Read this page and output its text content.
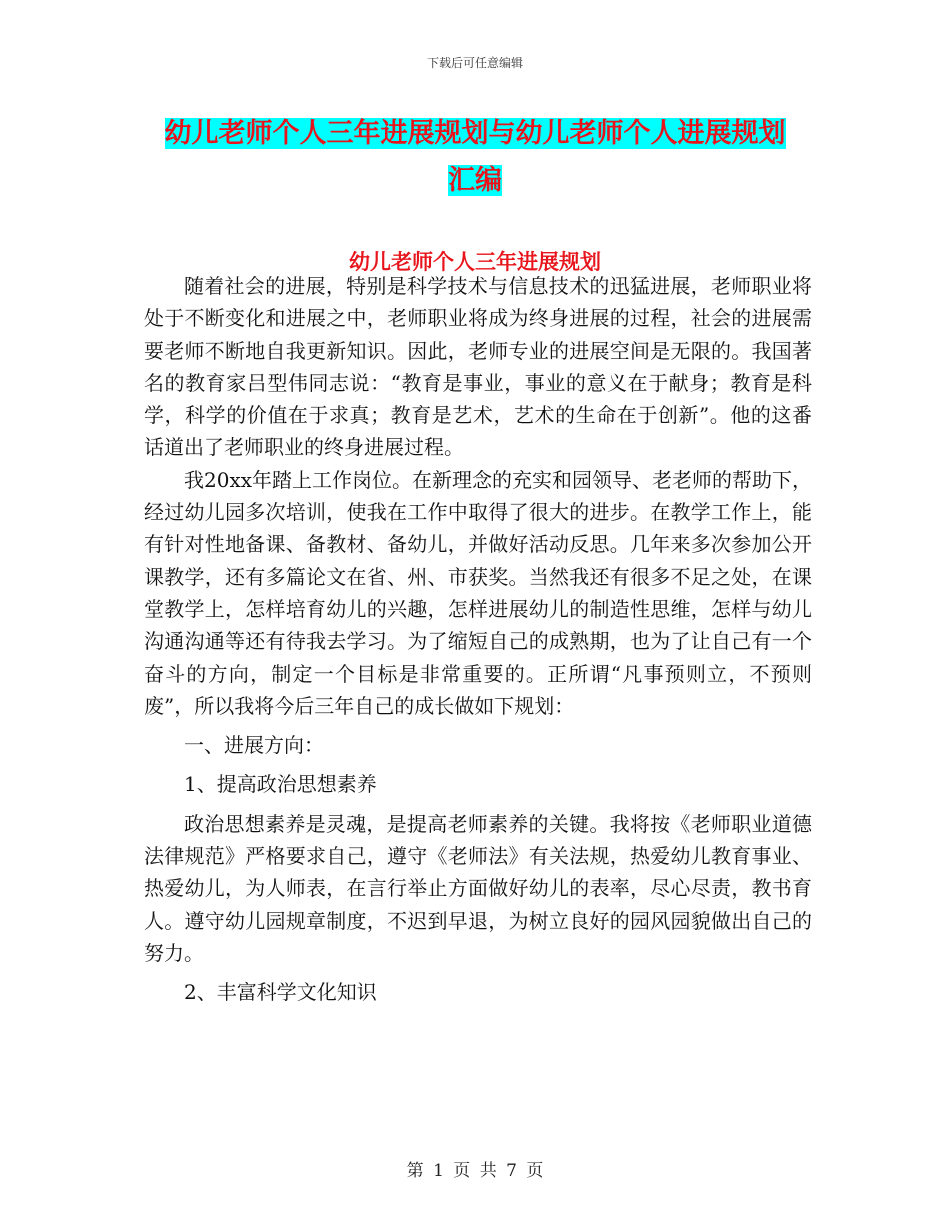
下载后可任意编辑
幼儿老师个人三年进展规划与幼儿老师个人进展规划
汇编
幼儿老师个人三年进展规划

随着社会的进展，特别是科学技术与信息技术的迅猛进展，老师职业将处于不断变化和进展之中，老师职业将成为终身进展的过程，社会的进展需要老师不断地自我更新知识。因此，老师专业的进展空间是无限的。我国著名的教育家吕型伟同志说：“教育是事业，事业的意义在于献身；教育是科学，科学的价值在于求真；教育是艺术，艺术的生命在于创新”。他的这番话道出了老师职业的终身进展过程。

我20xx年踏上工作岗位。在新理念的充实和园领导、老老师的帮助下，经过幼儿园多次培训，使我在工作中取得了很大的进步。在教学工作上，能有针对性地备课、备教材、备幼儿，并做好活动反思。几年来多次参加公开课教学，还有多篇论文在省、州、市获奖。当然我还有很多不足之处，在课堂教学上，怎样培育幼儿的兴趣，怎样进展幼儿的制造性思维，怎样与幼儿沟通沟通等还有待我去学习。为了缩短自己的成熟期，也为了让自己有一个奋斗的方向，制定一个目标是非常重要的。正所谓“凡事预则立，不预则废”，所以我将今后三年自己的成长做如下规划：

一、进展方向：

1、提高政治思想素养

政治思想素养是灵魂，是提高老师素养的关键。我将按《老师职业道德法律规范》严格要求自己，遵守《老师法》有关法规，热爱幼儿教育事业、热爱幼儿，为人师表，在言行举止方面做好幼儿的表率，尽心尽责，教书育人。遵守幼儿园规章制度，不迟到早退，为树立良好的园风园貌做出自己的努力。

2、丰富科学文化知识

第 1 页 共 7 页
